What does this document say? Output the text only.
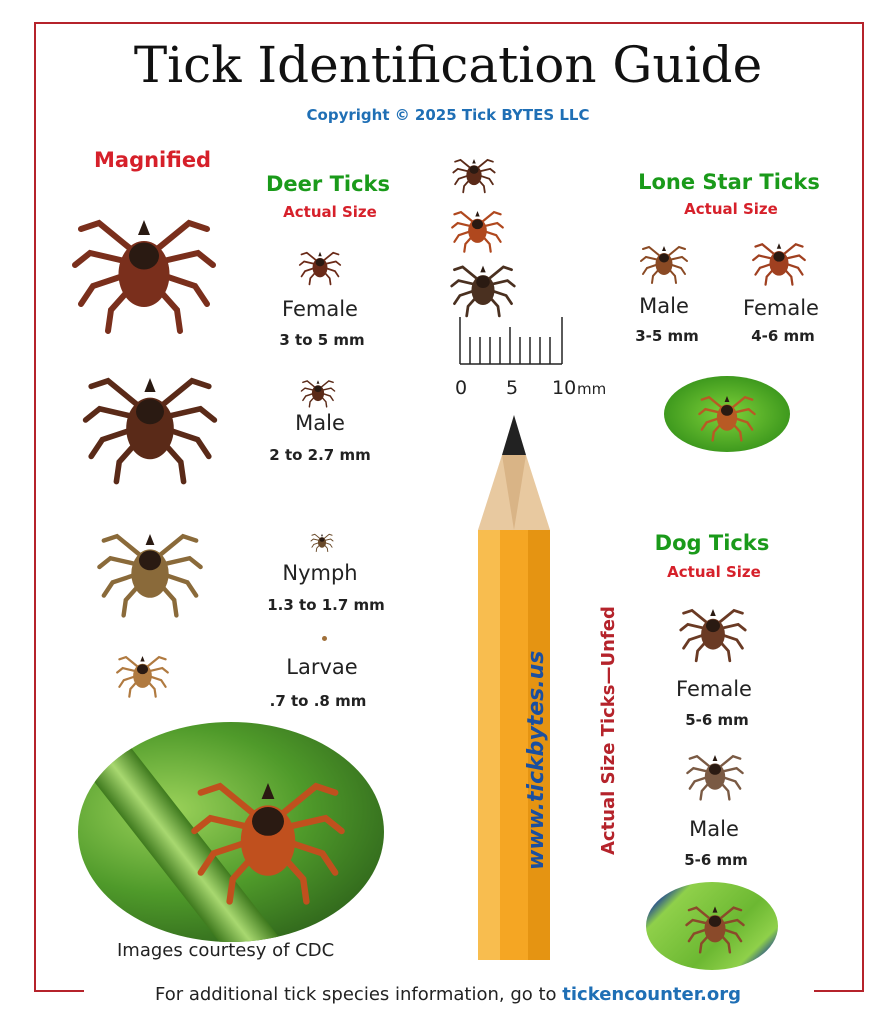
Tick Identification Guide
Copyright © 2025 Tick BYTES LLC
Magnified
Deer Ticks
Actual Size
Female
3 to 5 mm
Male
2 to 2.7 mm
Nymph
1.3 to 1.7 mm
Larvae
.7 to .8 mm
0 5 10 mm
www.tickbytes.us	Actual Size Ticks—Unfed
Lone Star Ticks
Actual Size
Male
3-5 mm
Female
4-6 mm
Dog Ticks
Actual Size
Female
5-6 mm
Male
5-6 mm
Images courtesy of CDC
For additional tick species information, go to tickencounter.org
